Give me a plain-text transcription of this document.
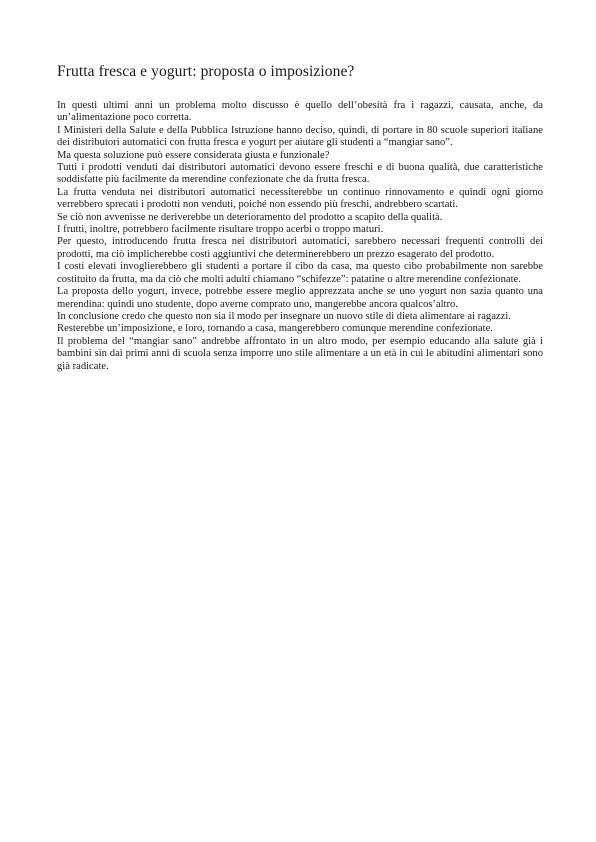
Frutta fresca e yogurt: proposta o imposizione?

In questi ultimi anni un problema molto discusso è quello dell’obesità fra i ragazzi, causata, anche, da un’alimentazione poco corretta.

I Ministeri della Salute e della Pubblica Istruzione hanno deciso, quindi, di portare in 80 scuole superiori italiane dei distributori automatici con frutta fresca e yogurt per aiutare gli studenti a “mangiar sano”.

Ma questa soluzione può essere considerata giusta e funzionale?

Tutti i prodotti venduti dai distributori automatici devono essere freschi e di buona qualità, due caratteristiche soddisfatte più facilmente da merendine confezionate che da frutta fresca.

La frutta venduta nei distributori automatici necessiterebbe un continuo rinnovamento e quindi ogni giorno verrebbero sprecati i prodotti non venduti, poiché non essendo più freschi, andrebbero scartati.

Se ciò non avvenisse ne deriverebbe un deterioramento del prodotto a scapito della qualità.

I frutti, inoltre, potrebbero facilmente risultare troppo acerbi o troppo maturi.

Per questo, introducendo frutta fresca nei distributori automatici, sarebbero necessari frequenti controlli dei prodotti, ma ciò implicherebbe costi aggiuntivi che determinerebbero un prezzo esagerato del prodotto.

I costi elevati invoglierebbero gli studenti a portare il cibo da casa, ma questo cibo probabilmente non sarebbe costituito da frutta, ma da ciò che molti adulti chiamano “schifezze”: patatine o altre merendine confezionate.

La proposta dello yogurt, invece, potrebbe essere meglio apprezzata anche se uno yogurt non sazia quanto una merendina: quindi uno studente, dopo averne comprato uno, mangerebbe ancora qualcos’altro.

In conclusione credo che questo non sia il modo per insegnare un nuovo stile di dieta alimentare ai ragazzi.

Resterebbe un’imposizione, e loro, tornando a casa, mangerebbero comunque merendine confezionate.

Il problema del “mangiar sano” andrebbe affrontato in un altro modo, per esempio educando alla salute già i bambini sin dai primi anni di scuola senza imporre uno stile alimentare a un età in cui le abitudini alimentari sono già radicate.
